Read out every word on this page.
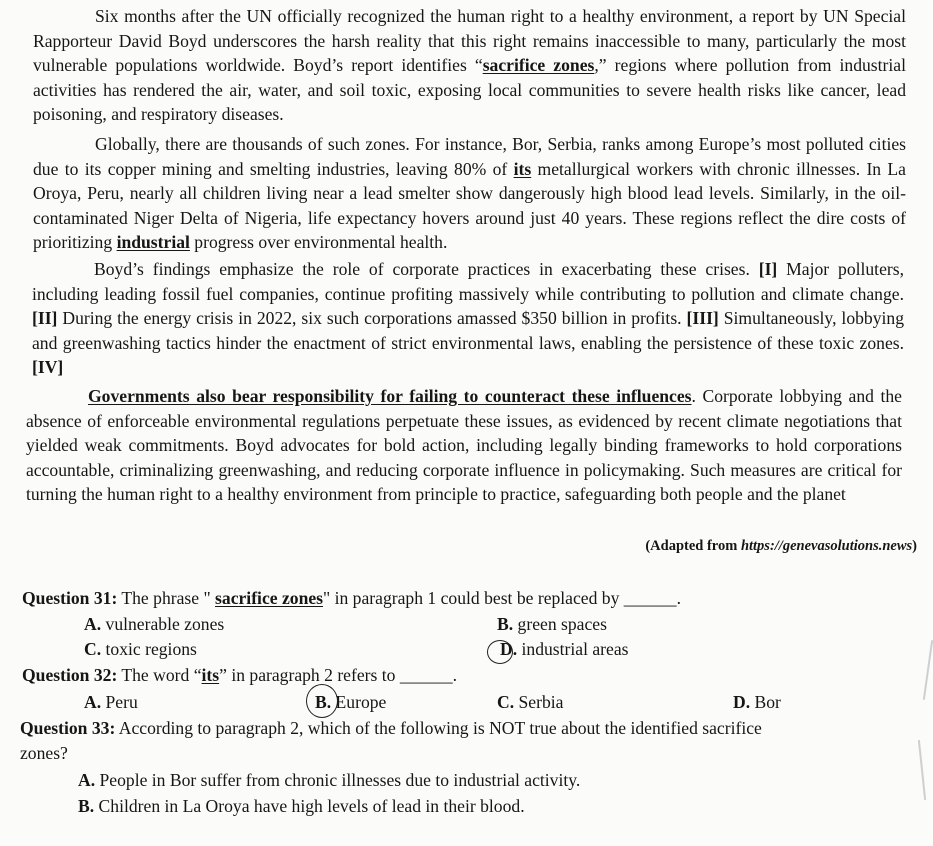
Six months after the UN officially recognized the human right to a healthy environment, a report by UN Special Rapporteur David Boyd underscores the harsh reality that this right remains inaccessible to many, particularly the most vulnerable populations worldwide. Boyd’s report identifies “sacrifice zones,” regions where pollution from industrial activities has rendered the air, water, and soil toxic, exposing local communities to severe health risks like cancer, lead poisoning, and respiratory diseases.

Globally, there are thousands of such zones. For instance, Bor, Serbia, ranks among Europe’s most polluted cities due to its copper mining and smelting industries, leaving 80% of its metallurgical workers with chronic illnesses. In La Oroya, Peru, nearly all children living near a lead smelter show dangerously high blood lead levels. Similarly, in the oil-contaminated Niger Delta of Nigeria, life expectancy hovers around just 40 years. These regions reflect the dire costs of prioritizing industrial progress over environmental health.

Boyd’s findings emphasize the role of corporate practices in exacerbating these crises. [I] Major polluters, including leading fossil fuel companies, continue profiting massively while contributing to pollution and climate change. [II] During the energy crisis in 2022, six such corporations amassed $350 billion in profits. [III] Simultaneously, lobbying and greenwashing tactics hinder the enactment of strict environmental laws, enabling the persistence of these toxic zones. [IV]

Governments also bear responsibility for failing to counteract these influences. Corporate lobbying and the absence of enforceable environmental regulations perpetuate these issues, as evidenced by recent climate negotiations that yielded weak commitments. Boyd advocates for bold action, including legally binding frameworks to hold corporations accountable, criminalizing greenwashing, and reducing corporate influence in policymaking. Such measures are critical for turning the human right to a healthy environment from principle to practice, safeguarding both people and the planet

(Adapted from https://genevasolutions.news)

Question 31: The phrase " sacrifice zones" in paragraph 1 could best be replaced by ______.

A. vulnerable zones	B. green spaces
C. toxic regions	D. industrial areas

Question 32: The word “its” in paragraph 2 refers to ______.

A. Peru	B. Europe	C. Serbia	D. Bor

Question 33: According to paragraph 2, which of the following is NOT true about the identified sacrifice

zones?

A. People in Bor suffer from chronic illnesses due to industrial activity.
B. Children in La Oroya have high levels of lead in their blood.
